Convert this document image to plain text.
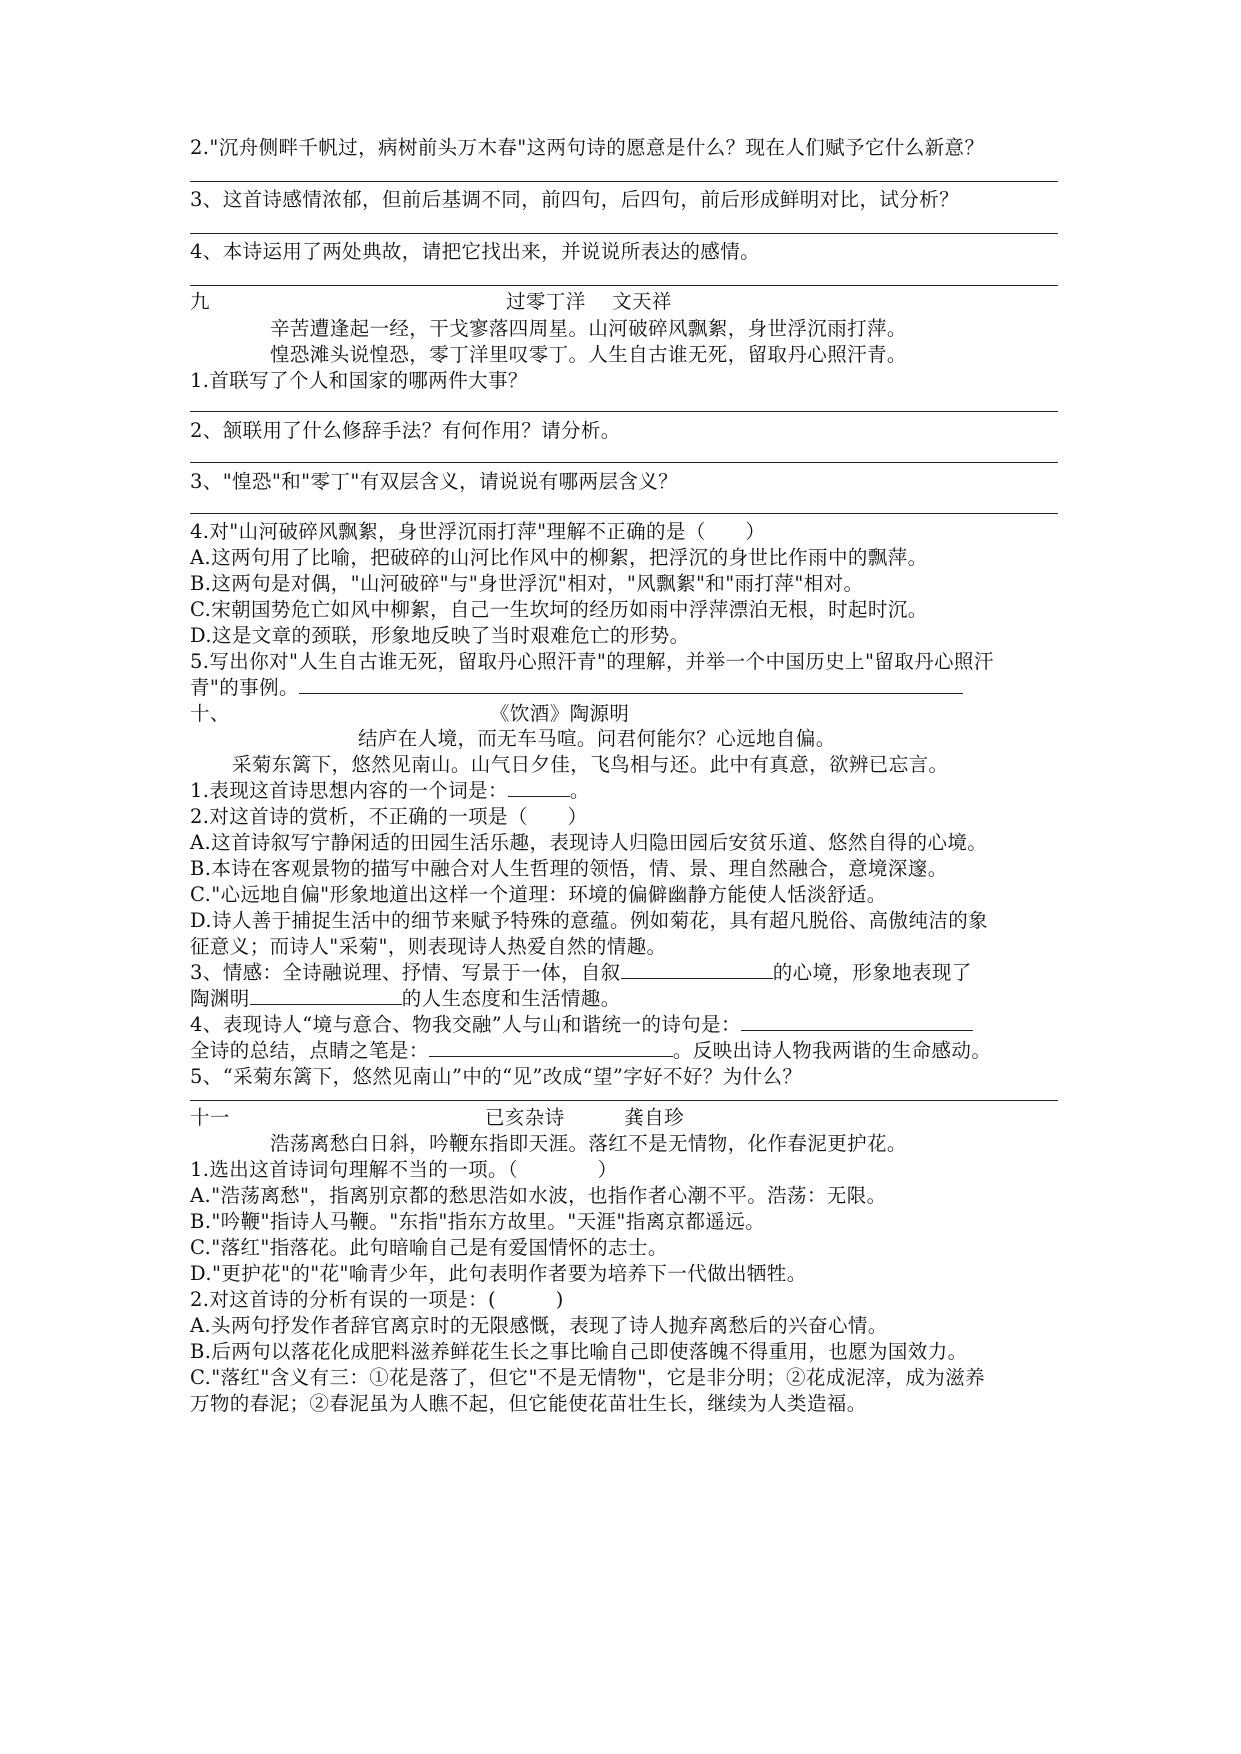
2."沉舟侧畔千帆过，病树前头万木春"这两句诗的愿意是什么？现在人们赋予它什么新意？
3、这首诗感情浓郁，但前后基调不同，前四句，后四句，前后形成鲜明对比，试分析？
4、本诗运用了两处典故，请把它找出来，并说说所表达的感情。
九	过零丁洋　 文天祥
辛苦遭逢起一经，干戈寥落四周星。山河破碎风飘絮，身世浮沉雨打萍。
惶恐滩头说惶恐，零丁洋里叹零丁。人生自古谁无死，留取丹心照汗青。
1.首联写了个人和国家的哪两件大事？
2、颔联用了什么修辞手法？有何作用？请分析。
3、"惶恐"和"零丁"有双层含义，请说说有哪两层含义？
4.对"山河破碎风飘絮，身世浮沉雨打萍"理解不正确的是（　　）
A.这两句用了比喻，把破碎的山河比作风中的柳絮，把浮沉的身世比作雨中的飘萍。
B.这两句是对偶，"山河破碎"与"身世浮沉"相对，"风飘絮"和"雨打萍"相对。
C.宋朝国势危亡如风中柳絮，自己一生坎坷的经历如雨中浮萍漂泊无根，时起时沉。
D.这是文章的颈联，形象地反映了当时艰难危亡的形势。
5.写出你对"人生自古谁无死，留取丹心照汗青"的理解，并举一个中国历史上"留取丹心照汗
青"的事例。
十、	《饮酒》陶源明
结庐在人境，而无车马喧。问君何能尔？心远地自偏。
采菊东篱下，悠然见南山。山气日夕佳，飞鸟相与还。此中有真意，欲辨已忘言。
1.表现这首诗思想内容的一个词是：	。
2.对这首诗的赏析，不正确的一项是（　　）
A.这首诗叙写宁静闲适的田园生活乐趣，表现诗人归隐田园后安贫乐道、悠然自得的心境。
B.本诗在客观景物的描写中融合对人生哲理的领悟，情、景、理自然融合，意境深邃。
C."心远地自偏"形象地道出这样一个道理：环境的偏僻幽静方能使人恬淡舒适。
D.诗人善于捕捉生活中的细节来赋予特殊的意蕴。例如菊花，具有超凡脱俗、高傲纯洁的象
征意义；而诗人"采菊"，则表现诗人热爱自然的情趣。
3、情感：全诗融说理、抒情、写景于一体，自叙	的心境，形象地表现了
陶渊明	的人生态度和生活情趣。
4、表现诗人“境与意合、物我交融”人与山和谐统一的诗句是：
全诗的总结，点睛之笔是：	。反映出诗人物我两谐的生命感动。
5、“采菊东篱下，悠然见南山”中的“见”改成“望”字好不好？为什么？
十一	已亥杂诗　　　龚自珍
浩荡离愁白日斜，吟鞭东指即天涯。落红不是无情物，化作春泥更护花。
1.选出这首诗词句理解不当的一项。（　　　　）
A."浩荡离愁"，指离别京都的愁思浩如水波，也指作者心潮不平。浩荡：无限。
B."吟鞭"指诗人马鞭。"东指"指东方故里。"天涯"指离京都遥远。
C."落红"指落花。此句暗喻自己是有爱国情怀的志士。
D."更护花"的"花"喻青少年，此句表明作者要为培养下一代做出牺牲。
2.对这首诗的分析有误的一项是：(　　　)
A.头两句抒发作者辞官离京时的无限感慨，表现了诗人抛弃离愁后的兴奋心情。
B.后两句以落花化成肥料滋养鲜花生长之事比喻自己即使落魄不得重用，也愿为国效力。
C."落红"含义有三：①花是落了，但它"不是无情物"，它是非分明；②花成泥滓，成为滋养
万物的春泥；②春泥虽为人瞧不起，但它能使花苗壮生长，继续为人类造福。
